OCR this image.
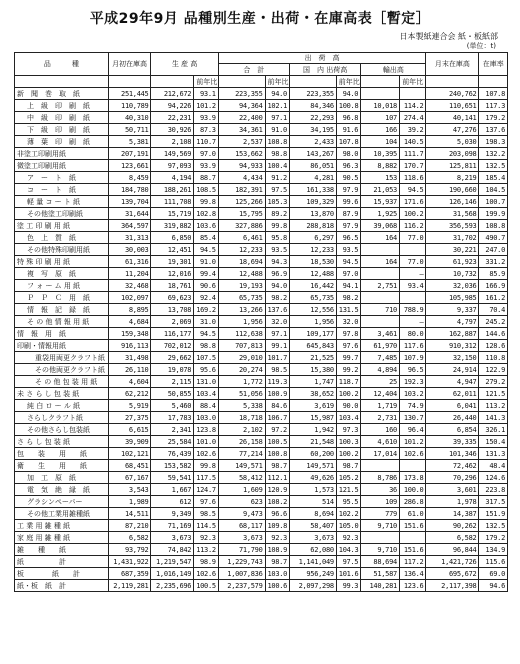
平成29年9月 品種別生産・出荷・在庫高表［暫定］
日本製紙連合会 紙・板紙部
(単位：t)
品　　　種	月初在庫高	生 産 高		出　荷　高						月末在庫高	在庫率
				合　計		国　内 出荷高		輸出高			
			前年比		前年比		前年比		前年比		
新　聞　巻　取　紙	251,445	212,672	93.1	223,355	94.0	223,355	94.0			240,762	107.8
上　級　印　刷　紙	110,789	94,226	101.2	94,364	102.1	84,346	100.8	10,018	114.2	110,651	117.3
中　級　印　刷　紙	40,310	22,231	93.9	22,400	97.1	22,293	96.8	107	274.4	40,141	179.2
下　級　印　刷　紙	50,711	30,926	87.3	34,361	91.0	34,195	91.6	166	39.2	47,276	137.6
薄　葉　印　刷　紙	5,381	2,108	110.7	2,537	108.8	2,433	107.8	104	140.5	5,030	198.3
非塗工印刷用紙	207,191	149,569	97.0	153,662	98.8	143,267	98.0	10,395	111.7	203,098	132.2
微塗工印刷用紙	123,661	97,093	93.9	94,933	100.4	86,051	96.3	8,882	170.7	125,811	132.5
ア　ー　ト　紙	8,459	4,194	88.7	4,434	91.2	4,281	90.5	153	118.6	8,219	185.4
コ　ー　ト　紙	184,780	188,261	108.5	182,391	97.5	161,338	97.9	21,053	94.5	190,660	104.5
軽 量 コ ー ト 紙	139,704	111,708	99.8	125,266	105.3	109,329	99.6	15,937	171.6	126,146	100.7
その他塗工印刷紙	31,644	15,719	102.8	15,795	89.2	13,870	87.9	1,925	100.2	31,568	199.9
塗 工 印 刷 用 紙	364,597	319,882	103.6	327,886	99.8	288,818	97.9	39,068	116.2	356,593	108.8
色　上　質　紙	31,313	6,850	85.4	6,461	95.8	6,297	96.5	164	77.0	31,702	490.7
その他特殊印刷用紙	30,003	12,451	94.5	12,233	93.5	12,233	93.5			30,221	247.0
特 殊 印 刷 用 紙	61,316	19,301	91.0	18,694	94.3	18,530	94.5	164	77.0	61,923	331.2
複　写　原　紙	11,204	12,016	99.4	12,488	96.9	12,488	97.0		—	10,732	85.9
フ ォ ー ム 用 紙	32,468	18,761	90.6	19,193	94.0	16,442	94.1	2,751	93.4	32,036	166.9
Ｐ　Ｐ　Ｃ　用　紙	102,097	69,623	92.4	65,735	98.2	65,735	98.2			105,985	161.2
情　報　記　録　紙	8,895	13,708	169.2	13,266	137.6	12,556	131.5	710	788.9	9,337	70.4
そ の 他 情 報 用 紙	4,684	2,069	31.0	1,956	32.0	1,956	32.0		—	4,797	245.2
情　報　用　紙	159,348	116,177	94.5	112,638	97.1	109,177	97.8	3,461	80.0	162,887	144.6
印刷・情報用紙	916,113	702,012	98.8	707,813	99.1	645,843	97.6	61,970	117.6	910,312	128.6
重袋用両更クラフト紙	31,498	29,662	107.5	29,010	101.7	21,525	99.7	7,485	107.9	32,150	110.8
その他両更クラフト紙	26,110	19,078	95.6	20,274	98.5	15,380	99.2	4,894	96.5	24,914	122.9
そ の 他 包 装 用 紙	4,604	2,115	131.0	1,772	119.3	1,747	118.7	25	192.3	4,947	279.2
未 さ ら し 包 装 紙	62,212	50,855	103.4	51,056	100.9	38,652	100.2	12,404	103.2	62,011	121.5
純 白 ロ ー ル 紙	5,919	5,460	88.4	5,338	84.6	3,619	90.0	1,719	74.9	6,041	113.2
さらしクラフト紙	27,375	17,783	103.0	18,718	106.7	15,987	103.4	2,731	130.7	26,440	141.3
その他さらし包装紙	6,615	2,341	123.8	2,102	97.2	1,942	97.3	160	96.4	6,854	326.1
さ ら し 包 装 紙	39,909	25,584	101.0	26,158	100.5	21,548	100.3	4,610	101.2	39,335	150.4
包　　装　　用　　紙	102,121	76,439	102.6	77,214	100.8	60,200	100.2	17,014	102.6	101,346	131.3
衛　　生　　用　　紙	68,451	153,582	99.8	149,571	98.7	149,571	98.7			72,462	48.4
加　工　原　紙	67,167	59,541	117.5	58,412	112.1	49,626	105.2	8,786	173.8	70,296	124.6
電　気　絶　縁　紙	3,543	1,667	124.7	1,609	120.9	1,573	121.5	36	100.0	3,601	223.8
グラシンペーパー	1,989	612	97.6	623	108.2	514	95.5	109	286.8	1,978	317.5
その他工業用雑種紙	14,511	9,349	98.5	9,473	96.6	8,694	102.2	779	61.0	14,387	151.9
工 業 用 雑 種 紙	87,210	71,169	114.5	68,117	109.8	58,407	105.0	9,710	151.6	90,262	132.5
家 庭 用 雑 種 紙	6,582	3,673	92.3	3,673	92.3	3,673	92.3			6,582	179.2
雑　　種　　紙	93,792	74,842	113.2	71,790	108.9	62,080	104.3	9,710	151.6	96,844	134.9
紙　　　　　計	1,431,922	1,219,547	98.9	1,229,743	98.7	1,141,049	97.5	88,694	117.2	1,421,726	115.6
板　　　　紙　　計	687,359	1,016,149	102.6	1,007,836	103.0	956,249	101.6	51,587	136.4	695,672	69.0
紙・板　紙　計	2,119,281	2,235,696	100.5	2,237,579	100.6	2,097,298	99.3	140,281	123.6	2,117,398	94.6
